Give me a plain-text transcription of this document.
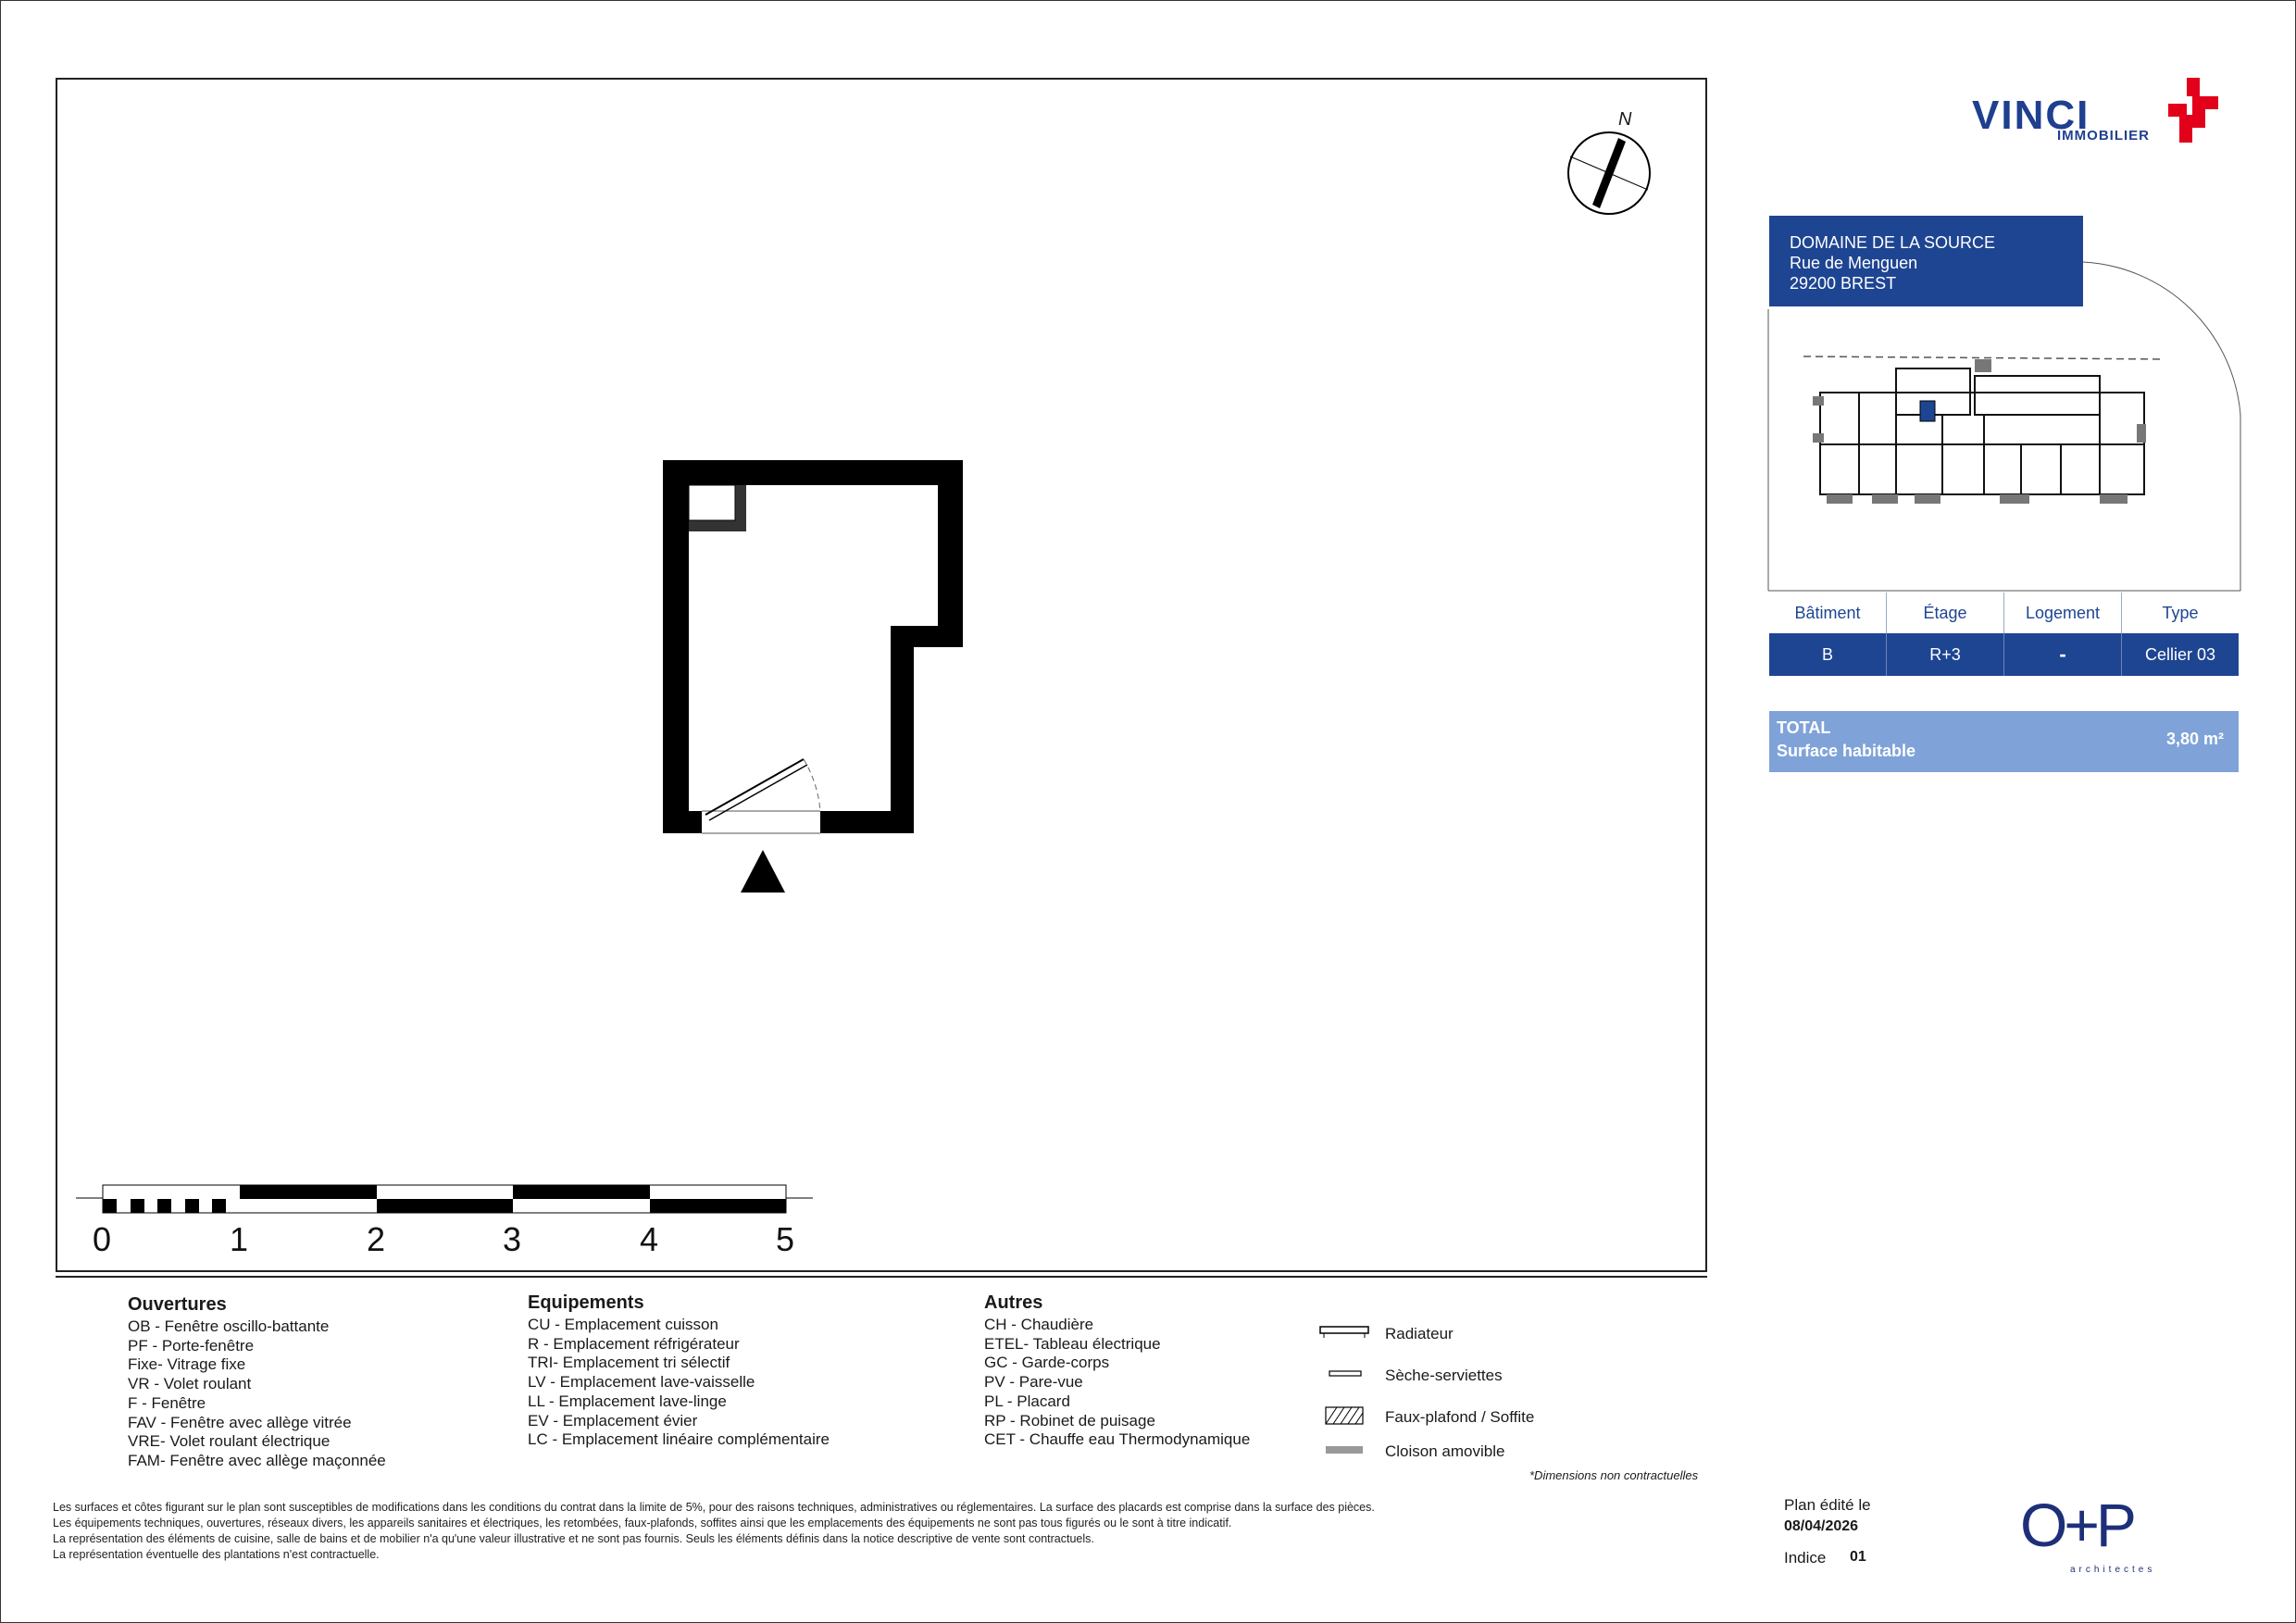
N
0	1	2	3	4	5
Ouvertures
OB - Fenêtre oscillo-battante
PF - Porte-fenêtre
Fixe- Vitrage fixe
VR - Volet roulant
F - Fenêtre
FAV - Fenêtre avec allège vitrée
VRE- Volet roulant électrique
FAM- Fenêtre avec allège maçonnée
Equipements
CU - Emplacement cuisson
R - Emplacement réfrigérateur
TRI- Emplacement tri sélectif
LV - Emplacement lave-vaisselle
LL - Emplacement lave-linge
EV - Emplacement évier
LC - Emplacement linéaire complémentaire
Autres
CH - Chaudière
ETEL- Tableau électrique
GC - Garde-corps
PV - Pare-vue
PL - Placard
RP - Robinet de puisage
CET - Chauffe eau Thermodynamique
Radiateur
Sèche-serviettes
Faux-plafond / Soffite
Cloison amovible
*Dimensions non contractuelles
Les surfaces et côtes figurant sur le plan sont susceptibles de modifications dans les conditions du contrat dans la limite de 5%, pour des raisons techniques, administratives ou réglementaires. La surface des placards est comprise dans la surface des pièces.
Les équipements techniques, ouvertures, réseaux divers, les appareils sanitaires et électriques, les retombées, faux-plafonds, soffites ainsi que les emplacements des équipements ne sont pas tous figurés ou le sont à titre indicatif.
La représentation des éléments de cuisine, salle de bains et de mobilier n'a qu'une valeur illustrative et ne sont pas fournis. Seuls les éléments définis dans la notice descriptive de vente sont contractuels.
La représentation éventuelle des plantations n'est contractuelle.
VINCI
IMMOBILIER
DOMAINE DE LA SOURCE
Rue de Menguen
29200 BREST
Bâtiment	Étage	Logement	Type
B	R+3	-	Cellier 03
TOTAL
Surface habitable
3,80 m²
Plan édité le
08/04/2026
Indice 01	O+P
architectes
